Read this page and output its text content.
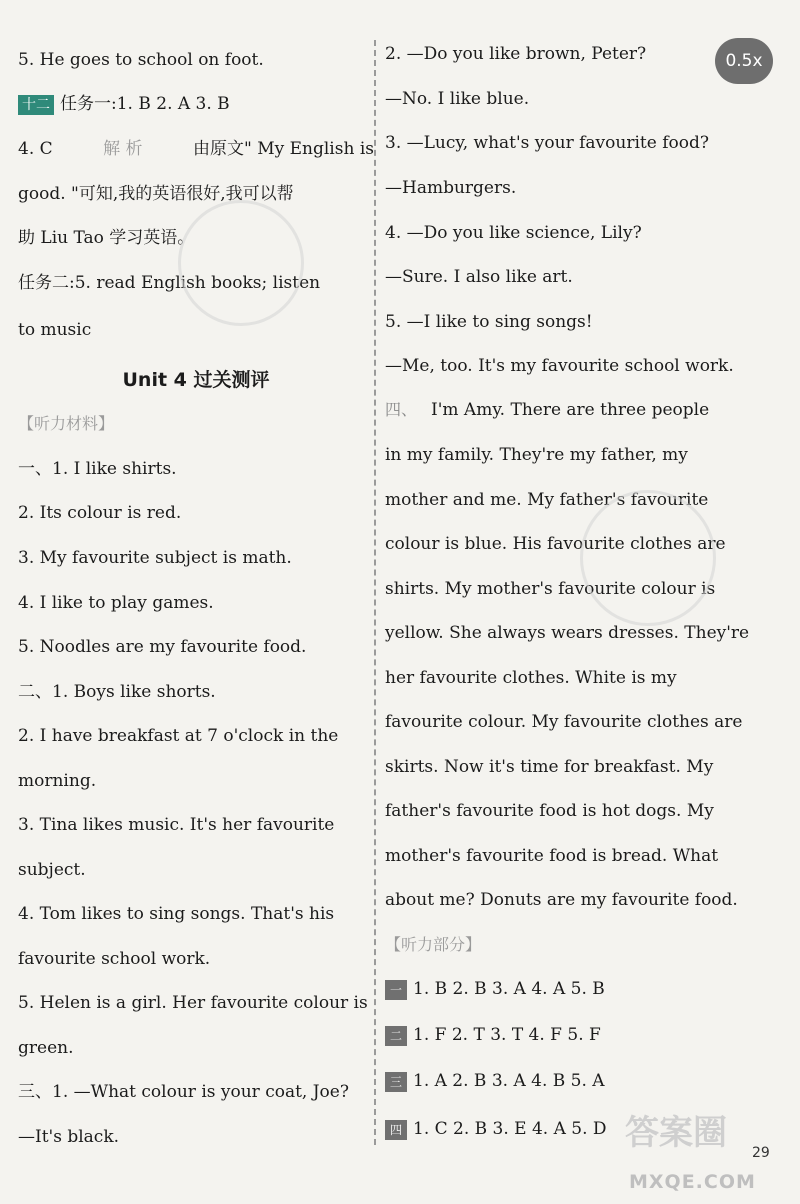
5. He goes to school on foot.
十二 任务一:1. B 2. A 3. B
4. C	解 析	由原文" My English is
good. "可知,我的英语很好,我可以帮
助 Liu Tao 学习英语。
任务二:5. read English books; listen
to music
Unit 4 过关测评
【听力材料】
一、1. I like shirts.
2. Its colour is red.
3. My favourite subject is math.
4. I like to play games.
5. Noodles are my favourite food.
二、1. Boys like shorts.
2. I have breakfast at 7 o'clock in the
morning.
3. Tina likes music. It's her favourite
subject.
4. Tom likes to sing songs. That's his
favourite school work.
5. Helen is a girl. Her favourite colour is
green.
三、1. —What colour is your coat, Joe?
—It's black.
2. —Do you like brown, Peter?
—No. I like blue.
3. —Lucy, what's your favourite food?
—Hamburgers.
4. —Do you like science, Lily?
—Sure. I also like art.
5. —I like to sing songs!
—Me, too. It's my favourite school work.
四、 I'm Amy. There are three people
in my family. They're my father, my
mother and me. My father's favourite
colour is blue. His favourite clothes are
shirts. My mother's favourite colour is
yellow. She always wears dresses. They're
her favourite clothes. White is my
favourite colour. My favourite clothes are
skirts. Now it's time for breakfast. My
father's favourite food is hot dogs. My
mother's favourite food is bread. What
about me? Donuts are my favourite food.
【听力部分】
一 1. B 2. B 3. A 4. A 5. B
二 1. F 2. T 3. T 4. F 5. F
三 1. A 2. B 3. A 4. B 5. A
四 1. C 2. B 3. E 4. A 5. D
0.5x
答案圈
MXQE.COM
29
